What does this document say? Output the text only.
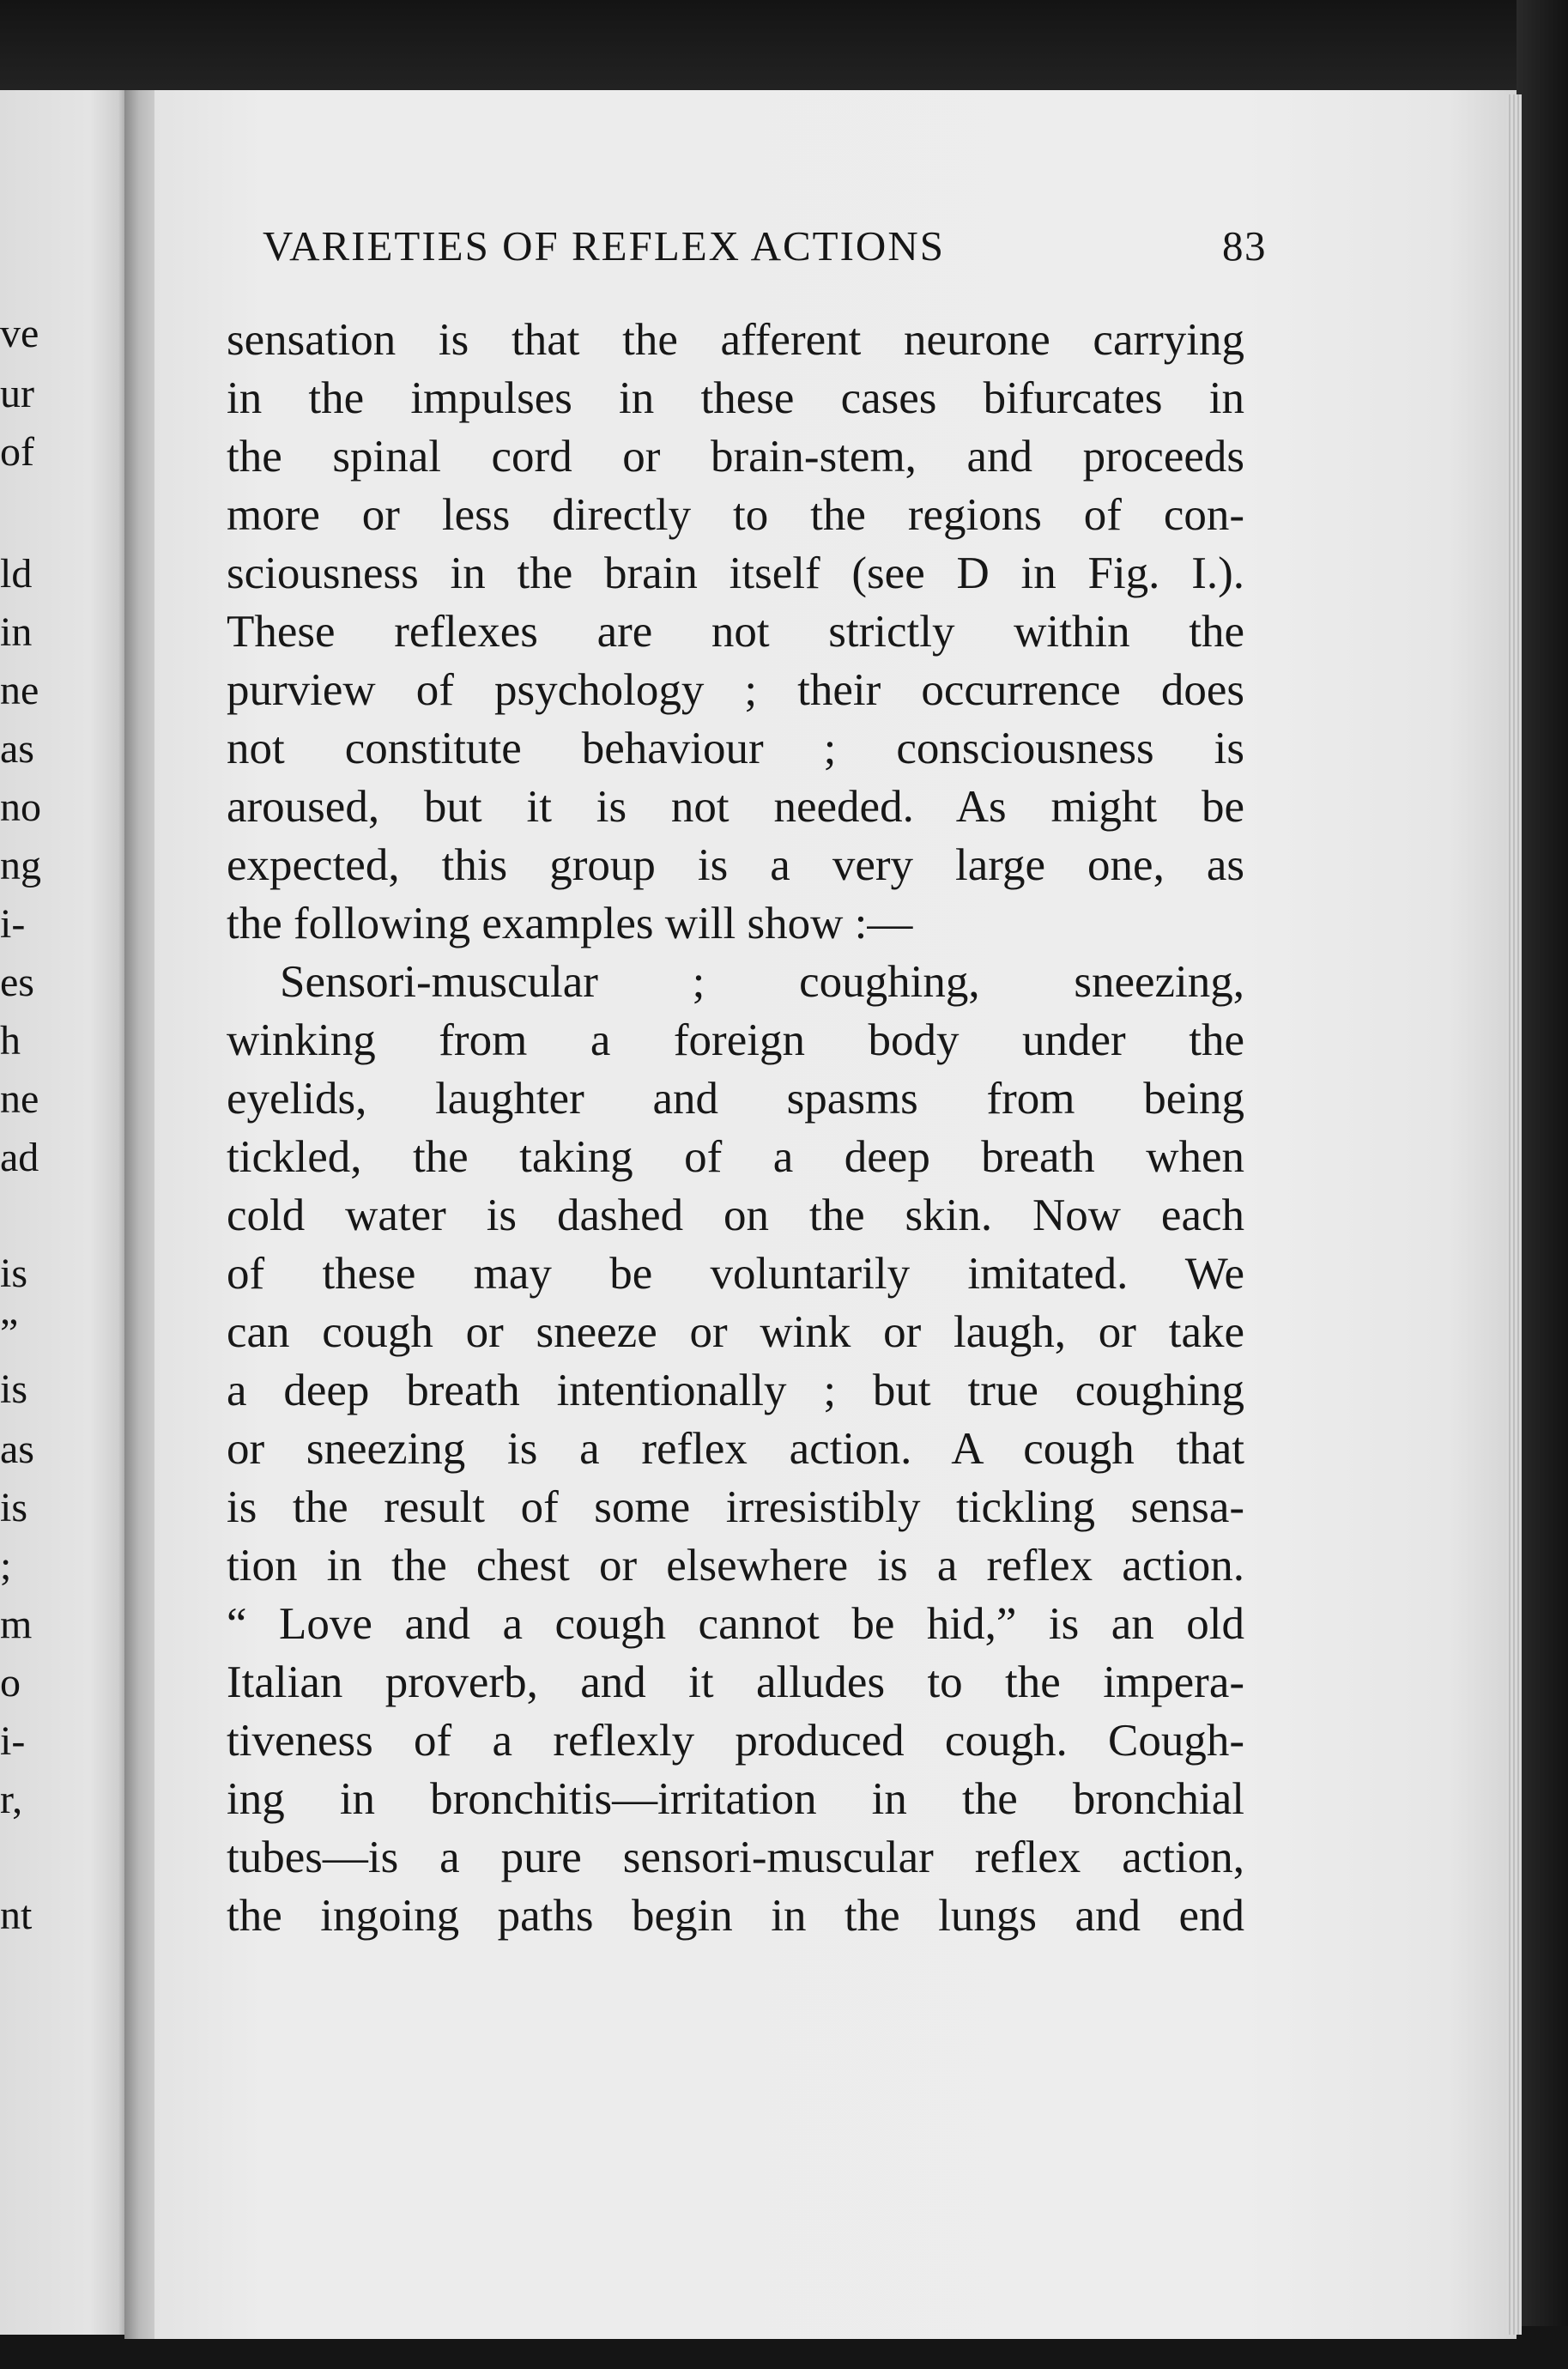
ve
ur
of
ld
in
ne
as
no
ng
i-
es
h
ne
ad
is
”
is
as
is
;
m
o
i-
r,
nt
VARIETIES OF REFLEX ACTIONS	83
sensation is that the afferent neurone carrying
in the impulses in these cases bifurcates in
the spinal cord or brain-stem, and proceeds
more or less directly to the regions of con-
sciousness in the brain itself (see D in Fig. I.).
These reflexes are not strictly within the
purview of psychology ; their occurrence does
not constitute behaviour ; consciousness is
aroused, but it is not needed. As might be
expected, this group is a very large one, as
the following examples will show :—
Sensori-muscular ; coughing, sneezing,
winking from a foreign body under the
eyelids, laughter and spasms from being
tickled, the taking of a deep breath when
cold water is dashed on the skin. Now each
of these may be voluntarily imitated. We
can cough or sneeze or wink or laugh, or take
a deep breath intentionally ; but true coughing
or sneezing is a reflex action. A cough that
is the result of some irresistibly tickling sensa-
tion in the chest or elsewhere is a reflex action.
“ Love and a cough cannot be hid,” is an old
Italian proverb, and it alludes to the impera-
tiveness of a reflexly produced cough. Cough-
ing in bronchitis—irritation in the bronchial
tubes—is a pure sensori-muscular reflex action,
the ingoing paths begin in the lungs and end
